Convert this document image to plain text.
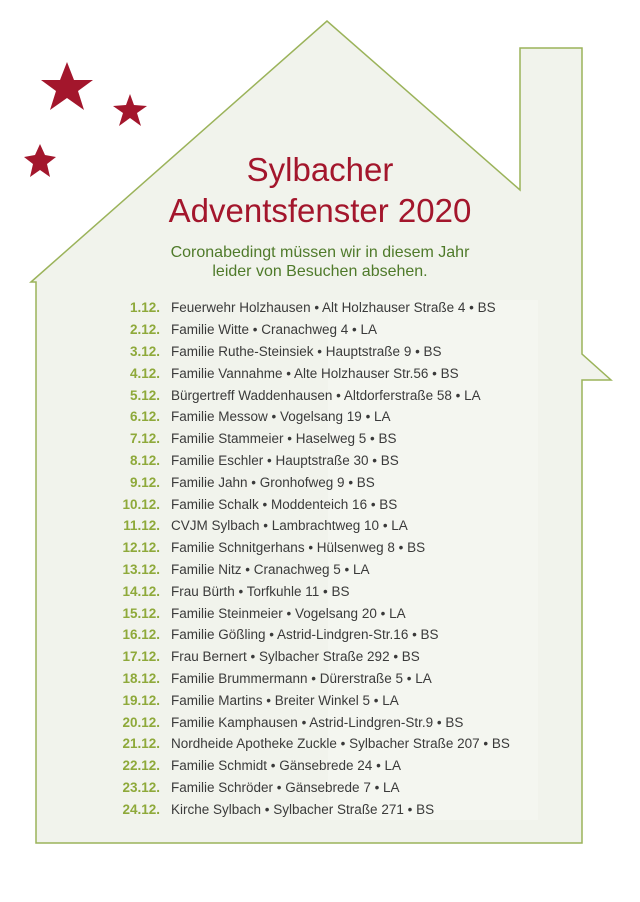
Sylbacher
Adventsfenster 2020
Coronabedingt müssen wir in diesem Jahr
leider von Besuchen absehen.
1.12. Feuerwehr Holzhausen • Alt Holzhauser Straße 4 • BS
2.12. Familie Witte • Cranachweg 4 • LA
3.12. Familie Ruthe-Steinsiek • Hauptstraße 9 • BS
4.12. Familie Vannahme • Alte Holzhauser Str.56 • BS
5.12. Bürgertreff Waddenhausen • Altdorferstraße 58 • LA
6.12. Familie Messow • Vogelsang 19 • LA
7.12. Familie Stammeier • Haselweg 5 • BS
8.12. Familie Eschler • Hauptstraße 30 • BS
9.12. Familie Jahn • Gronhofweg 9 • BS
10.12. Familie Schalk • Moddenteich 16 • BS
11.12. CVJM Sylbach • Lambrachtweg 10 • LA
12.12. Familie Schnitgerhans • Hülsenweg 8 • BS
13.12. Familie Nitz • Cranachweg 5 • LA
14.12. Frau Bürth • Torfkuhle 11 • BS
15.12. Familie Steinmeier • Vogelsang 20 • LA
16.12. Familie Gößling • Astrid-Lindgren-Str.16 • BS
17.12. Frau Bernert • Sylbacher Straße 292 • BS
18.12. Familie Brummermann • Dürerstraße 5 • LA
19.12. Familie Martins • Breiter Winkel 5 • LA
20.12. Familie Kamphausen • Astrid-Lindgren-Str.9 • BS
21.12. Nordheide Apotheke Zuckle • Sylbacher Straße 207 • BS
22.12. Familie Schmidt • Gänsebrede 24 • LA
23.12. Familie Schröder • Gänsebrede 7 • LA
24.12. Kirche Sylbach • Sylbacher Straße 271 • BS
